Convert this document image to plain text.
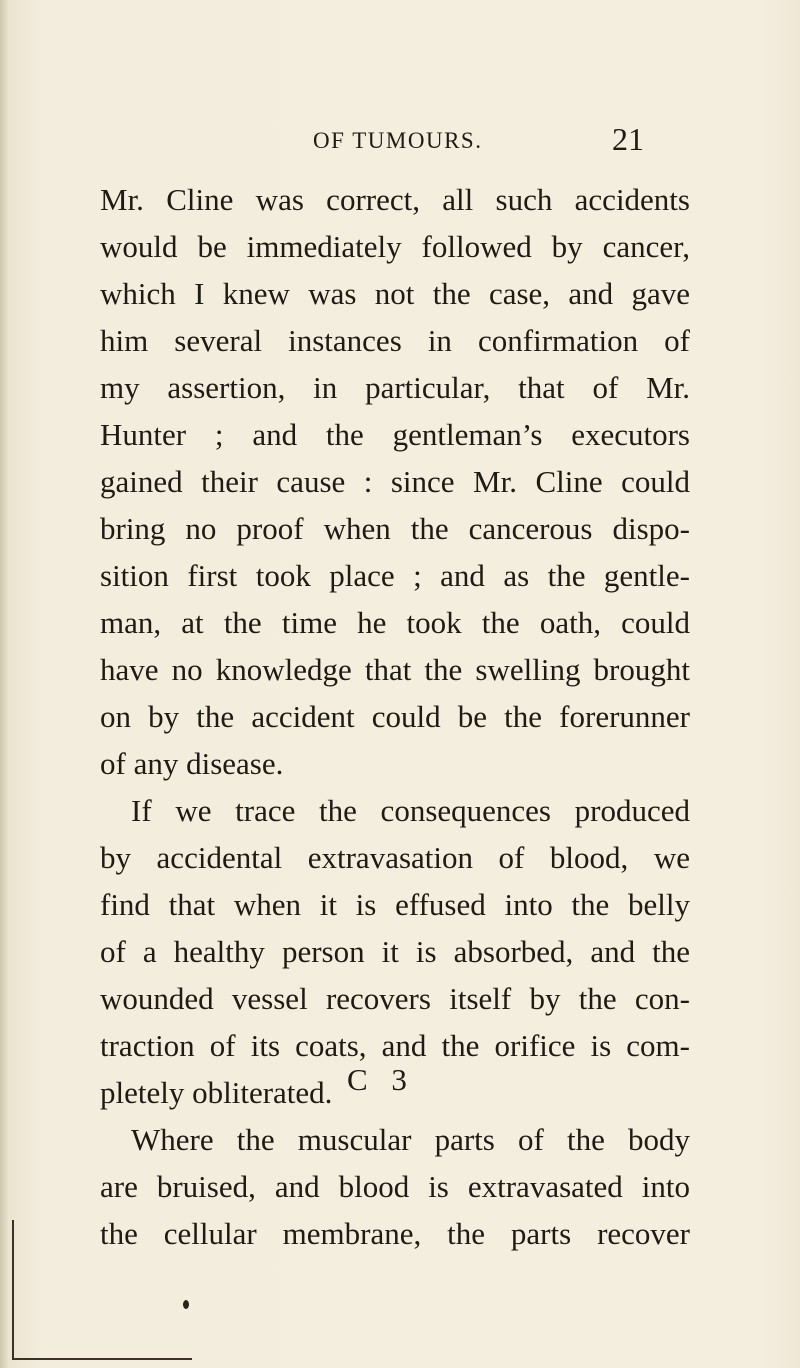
OF TUMOURS.	21
Mr. Cline was correct, all such accidents
would be immediately followed by cancer,
which I knew was not the case, and gave
him several instances in confirmation of
my assertion, in particular, that of Mr.
Hunter ; and the gentleman’s executors
gained their cause : since Mr. Cline could
bring no proof when the cancerous dispo-
sition first took place ; and as the gentle-
man, at the time he took the oath, could
have no knowledge that the swelling brought
on by the accident could be the forerunner
of any disease.
If we trace the consequences produced
by accidental extravasation of blood, we
find that when it is effused into the belly
of a healthy person it is absorbed, and the
wounded vessel recovers itself by the con-
traction of its coats, and the orifice is com-
pletely obliterated.
Where the muscular parts of the body
are bruised, and blood is extravasated into
the cellular membrane, the parts recover
C 3
